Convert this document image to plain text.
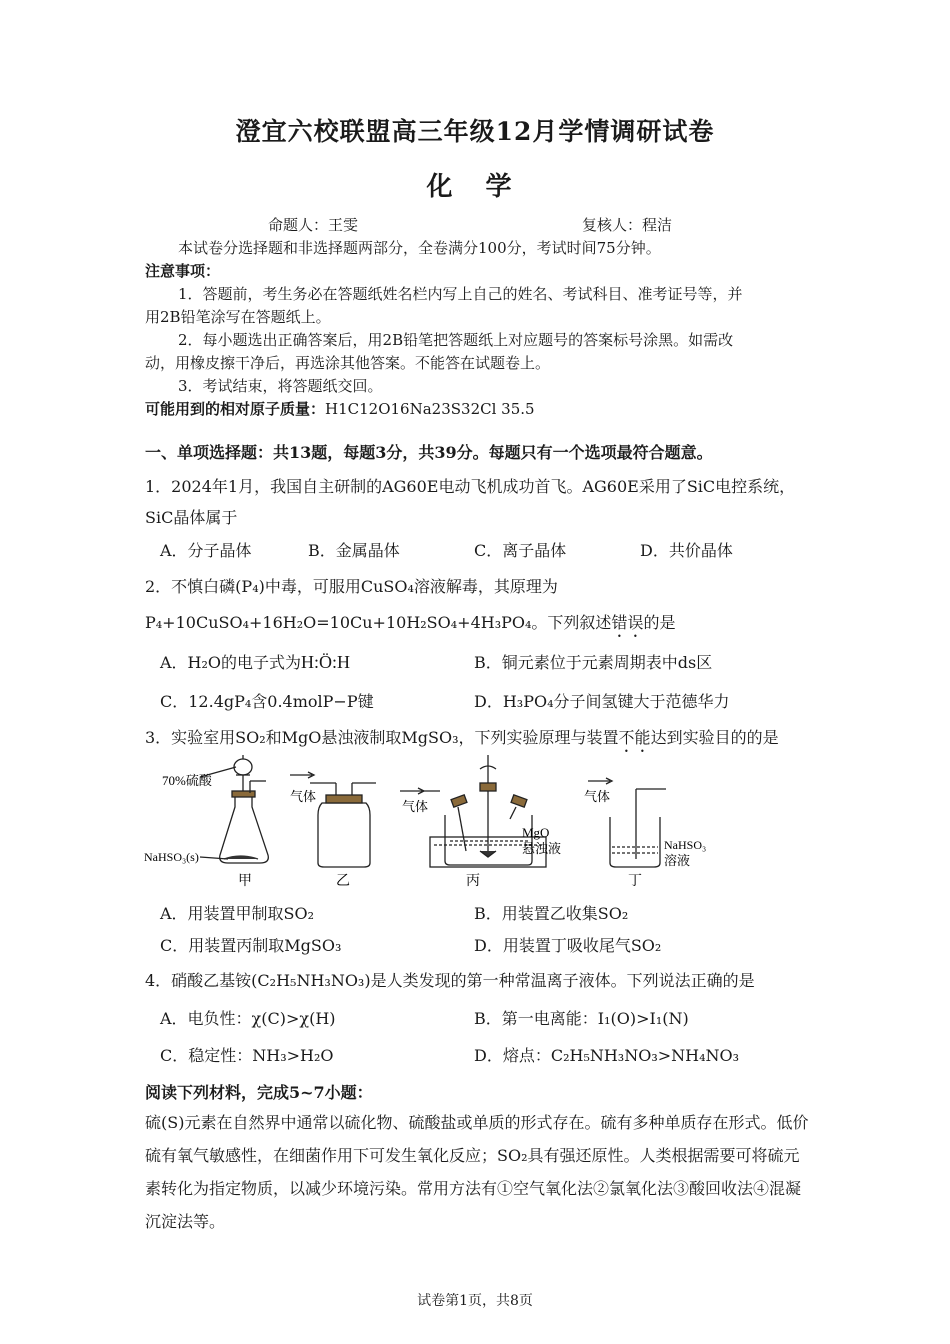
澄宜六校联盟高三年级12月学情调研试卷
化 学
命题人：王雯	复核人：程洁
本试卷分选择题和非选择题两部分，全卷满分100分，考试时间75分钟。
注意事项：
1．答题前，考生务必在答题纸姓名栏内写上自己的姓名、考试科目、准考证号等，并
用2B铅笔涂写在答题纸上。
2．每小题选出正确答案后，用2B铅笔把答题纸上对应题号的答案标号涂黑。如需改
动，用橡皮擦干净后，再选涂其他答案。不能答在试题卷上。
3．考试结束，将答题纸交回。
可能用到的相对原子质量：H1C12O16Na23S32Cl 35.5
一、单项选择题：共13题，每题3分，共39分。每题只有一个选项最符合题意。
1．2024年1月，我国自主研制的AG60E电动飞机成功首飞。AG60E采用了SiC电控系统，
SiC晶体属于
A．分子晶体	B．金属晶体	C．离子晶体	D．共价晶体
2．不慎白磷(P₄)中毒，可服用CuSO₄溶液解毒，其原理为
P₄+10CuSO₄+16H₂O=10Cu+10H₂SO₄+4H₃PO₄。下列叙述错误的是
A．H₂O的电子式为H:Ö:H	B．铜元素位于元素周期表中ds区
C．12.4gP₄含0.4molP−P键	D．H₃PO₄分子间氢键大于范德华力
3．实验室用SO₂和MgO悬浊液制取MgSO₃，下列实验原理与装置不能达到实验目的的是
70%硫酸
NaHSO₃(s)
甲
气体
乙
气体
MgO
悬浊液
丙
气体
NaHSO₃
溶液
丁
A．用装置甲制取SO₂	B．用装置乙收集SO₂
C．用装置丙制取MgSO₃	D．用装置丁吸收尾气SO₂
4．硝酸乙基铵(C₂H₅NH₃NO₃)是人类发现的第一种常温离子液体。下列说法正确的是
A．电负性：χ(C)>χ(H)	B．第一电离能：I₁(O)>I₁(N)
C．稳定性：NH₃>H₂O	D．熔点：C₂H₅NH₃NO₃>NH₄NO₃
阅读下列材料，完成5~7小题：
硫(S)元素在自然界中通常以硫化物、硫酸盐或单质的形式存在。硫有多种单质存在形式。低价硫有氧气敏感性，在细菌作用下可发生氧化反应；SO₂具有强还原性。人类根据需要可将硫元素转化为指定物质，以减少环境污染。常用方法有①空气氧化法②氯氧化法③酸回收法④混凝沉淀法等。
试卷第1页，共8页
